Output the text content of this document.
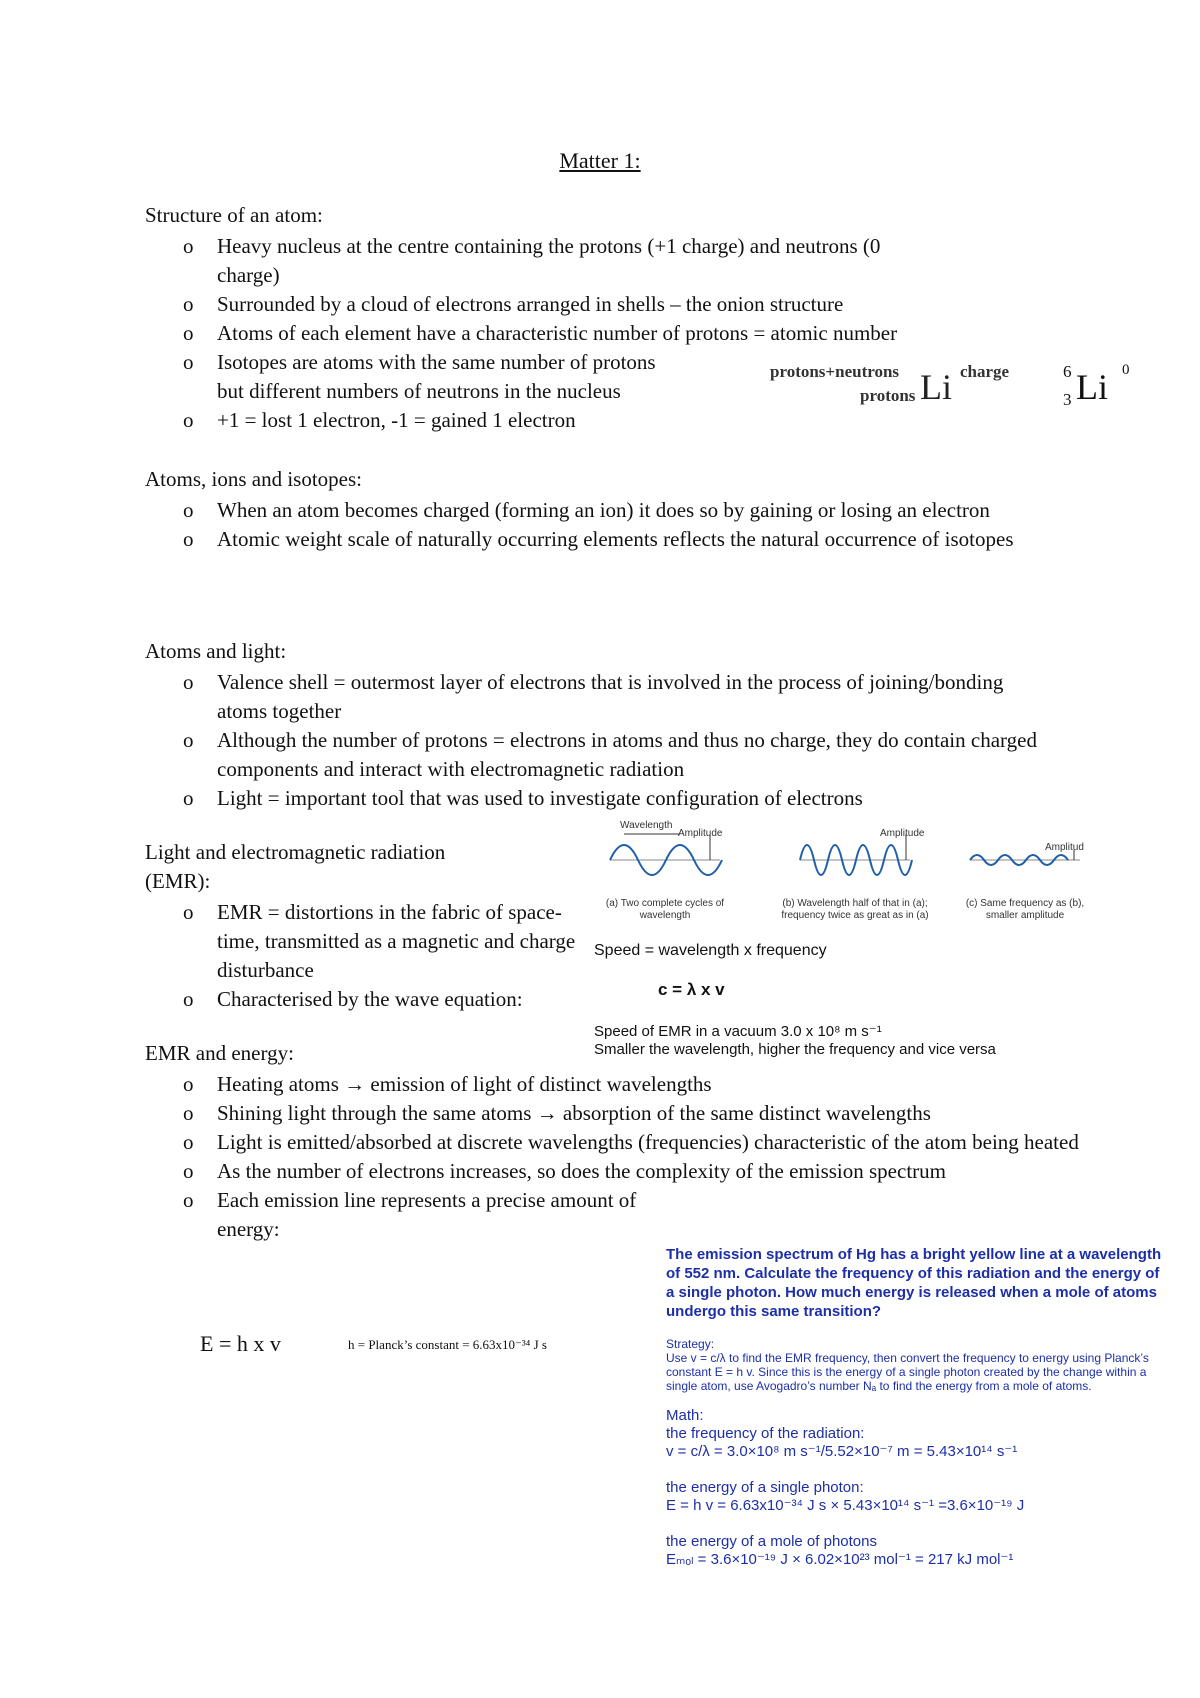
Matter 1:
Structure of an atom:
o Heavy nucleus at the centre containing the protons (+1 charge) and neutrons (0 charge)
o Surrounded by a cloud of electrons arranged in shells – the onion structure
o Atoms of each element have a characteristic number of protons = atomic number
o Isotopes are atoms with the same number of protons but different numbers of neutrons in the nucleus
o +1 = lost 1 electron, -1 = gained 1 electron
protons+neutrons
protons Li charge	6
3 Li 0
Atoms, ions and isotopes:
o When an atom becomes charged (forming an ion) it does so by gaining or losing an electron
o Atomic weight scale of naturally occurring elements reflects the natural occurrence of isotopes
Atoms and light:
o Valence shell = outermost layer of electrons that is involved in the process of joining/bonding atoms together
o Although the number of protons = electrons in atoms and thus no charge, they do contain charged components and interact with electromagnetic radiation
o Light = important tool that was used to investigate configuration of electrons
Light and electromagnetic radiation (EMR):
o EMR = distortions in the fabric of space-time, transmitted as a magnetic and charge disturbance
o Characterised by the wave equation:
Wavelength
Amplitude	Amplitude
Amplitud
(a) Two complete cycles of wavelength
(b) Wavelength half of that in (a); frequency twice as great as in (a)
(c) Same frequency as (b), smaller amplitude
Speed = wavelength x frequency
c = λ x v
Speed of EMR in a vacuum 3.0 x 10⁸ m s⁻¹
Smaller the wavelength, higher the frequency and vice versa
EMR and energy:
o Heating atoms → emission of light of distinct wavelengths
o Shining light through the same atoms → absorption of the same distinct wavelengths
o Light is emitted/absorbed at discrete wavelengths (frequencies) characteristic of the atom being heated
o As the number of electrons increases, so does the complexity of the emission spectrum
o Each emission line represents a precise amount of energy:
E = h x v	h = Planck’s constant = 6.63x10⁻³⁴ J s
The emission spectrum of Hg has a bright yellow line at a wavelength of 552 nm. Calculate the frequency of this radiation and the energy of a single photon. How much energy is released when a mole of atoms undergo this same transition?
Strategy:
Use v = c/λ to find the EMR frequency, then convert the frequency to energy using Planck’s constant E = h v. Since this is the energy of a single photon created by the change within a single atom, use Avogadro’s number Nₐ to find the energy from a mole of atoms.
Math:
the frequency of the radiation:
v = c/λ = 3.0×10⁸ m s⁻¹/5.52×10⁻⁷ m = 5.43×10¹⁴ s⁻¹
the energy of a single photon:
E = h v = 6.63x10⁻³⁴ J s × 5.43×10¹⁴ s⁻¹ =3.6×10⁻¹⁹ J
the energy of a mole of photons
Eₘₒₗ = 3.6×10⁻¹⁹ J × 6.02×10²³ mol⁻¹ = 217 kJ mol⁻¹
